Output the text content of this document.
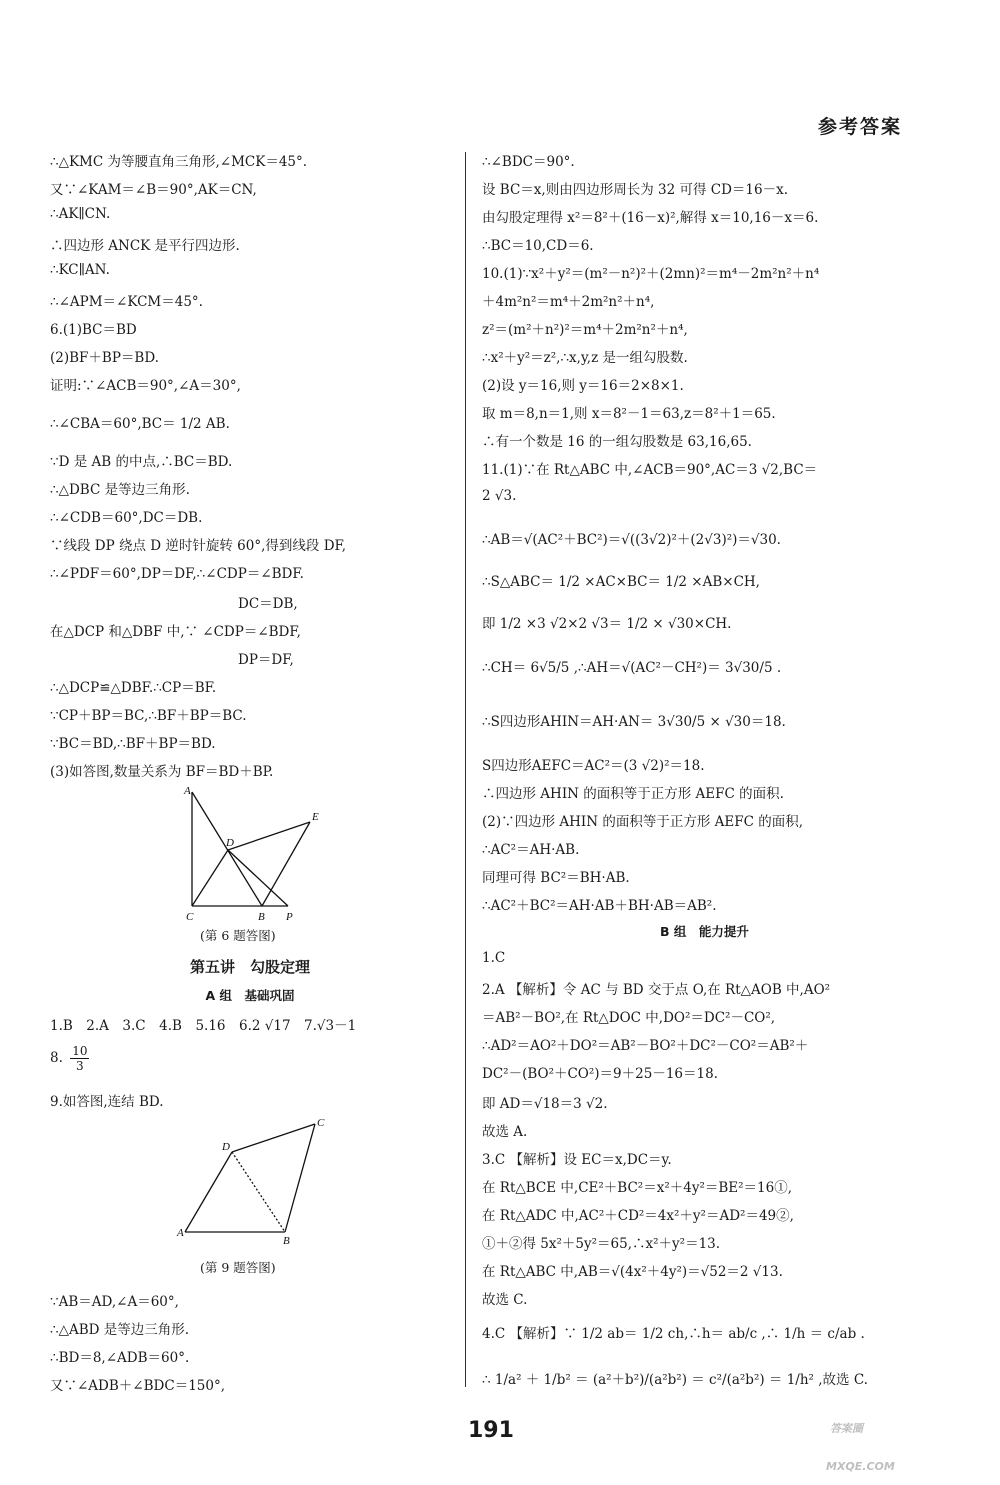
参考答案
∴△KMC 为等腰直角三角形,∠MCK＝45°.
又∵∠KAM＝∠B＝90°,AK＝CN,
∴AK∥CN.
∴四边形 ANCK 是平行四边形.
∴KC∥AN.
∴∠APM＝∠KCM＝45°.
6.(1)BC＝BD
(2)BF＋BP＝BD.
证明:∵∠ACB＝90°,∠A＝30°,
∴∠CBA＝60°,BC＝ 1/2 AB.
∵D 是 AB 的中点,∴BC＝BD.
∴△DBC 是等边三角形.
∴∠CDB＝60°,DC＝DB.
∵线段 DP 绕点 D 逆时针旋转 60°,得到线段 DF,
∴∠PDF＝60°,DP＝DF,∴∠CDP＝∠BDF.
DC＝DB,
在△DCP 和△DBF 中,∵ ∠CDP＝∠BDF,
DP＝DF,
∴△DCP≌△DBF.∴CP＝BF.
∵CP＋BP＝BC,∴BF＋BP＝BC.
∵BC＝BD,∴BF＋BP＝BD.
(3)如答图,数量关系为 BF＝BD＋BP.
A
D
E
C	B P
(第 6 题答图)
第五讲　勾股定理
A 组　基础巩固
1.B　2.A　3.C　4.B　5.16　6.2 √17　7.√3－1
8. $\frac{10}{3}$
9.如答图,连结 BD.
C
D
A
B
(第 9 题答图)
∵AB＝AD,∠A＝60°,
∴△ABD 是等边三角形.
∴BD＝8,∠ADB＝60°.
又∵∠ADB＋∠BDC＝150°,
∴∠BDC＝90°.
设 BC＝x,则由四边形周长为 32 可得 CD＝16－x.
由勾股定理得 x²＝8²＋(16－x)²,解得 x＝10,16－x＝6.
∴BC＝10,CD＝6.
10.(1)∵x²＋y²＝(m²－n²)²＋(2mn)²＝m⁴－2m²n²＋n⁴
＋4m²n²＝m⁴＋2m²n²＋n⁴,
z²＝(m²＋n²)²＝m⁴＋2m²n²＋n⁴,
∴x²＋y²＝z²,∴x,y,z 是一组勾股数.
(2)设 y＝16,则 y＝16＝2×8×1.
取 m＝8,n＝1,则 x＝8²－1＝63,z＝8²＋1＝65.
∴有一个数是 16 的一组勾股数是 63,16,65.
11.(1)∵在 Rt△ABC 中,∠ACB＝90°,AC＝3 √2,BC＝
2 √3.
∴AB＝√(AC²＋BC²)＝√((3√2)²＋(2√3)²)＝√30.
∴S△ABC＝ 1/2 ×AC×BC＝ 1/2 ×AB×CH,
即 1/2 ×3 √2×2 √3＝ 1/2 × √30×CH.
∴CH＝ 6√5/5 ,∴AH＝√(AC²－CH²)＝ 3√30/5 .
∴S四边形AHIN＝AH·AN＝ 3√30/5 × √30＝18.
S四边形AEFC＝AC²＝(3 √2)²＝18.
∴四边形 AHIN 的面积等于正方形 AEFC 的面积.
(2)∵四边形 AHIN 的面积等于正方形 AEFC 的面积,
∴AC²＝AH·AB.
同理可得 BC²＝BH·AB.
∴AC²＋BC²＝AH·AB＋BH·AB＝AB².
B 组　能力提升
1.C
2.A 【解析】令 AC 与 BD 交于点 O,在 Rt△AOB 中,AO²
＝AB²－BO²,在 Rt△DOC 中,DO²＝DC²－CO²,
∴AD²＝AO²＋DO²＝AB²－BO²＋DC²－CO²＝AB²＋
DC²－(BO²＋CO²)＝9＋25－16＝18.
即 AD＝√18＝3 √2.
故选 A.
3.C 【解析】设 EC＝x,DC＝y.
在 Rt△BCE 中,CE²＋BC²＝x²＋4y²＝BE²＝16①,
在 Rt△ADC 中,AC²＋CD²＝4x²＋y²＝AD²＝49②,
①＋②得 5x²＋5y²＝65,∴x²＋y²＝13.
在 Rt△ABC 中,AB＝√(4x²＋4y²)＝√52＝2 √13.
故选 C.
4.C 【解析】∵ 1/2 ab＝ 1/2 ch,∴h＝ ab/c ,∴ 1/h ＝ c/ab .
∴ 1/a² ＋ 1/b² ＝ (a²＋b²)/(a²b²) ＝ c²/(a²b²) ＝ 1/h² ,故选 C.
191	答案圈
MXQE.COM
